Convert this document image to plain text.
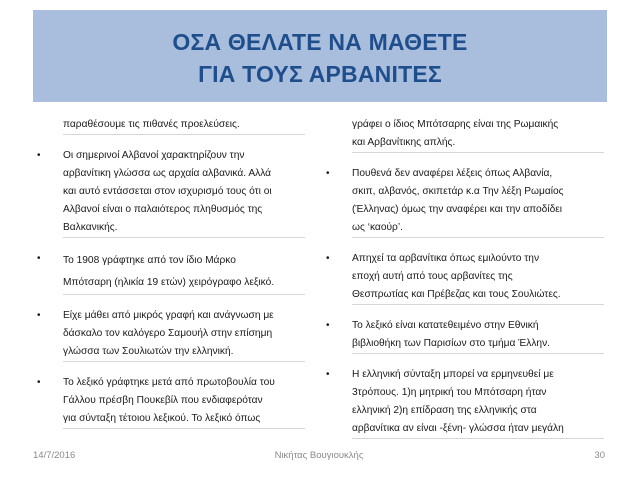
ΟΣΑ ΘΕΛΑΤΕ ΝΑ ΜΑΘΕΤΕ
ΓΙΑ ΤΟΥΣ ΑΡΒΑΝΙΤΕΣ
παραθέσουμε τις πιθανές προελεύσεις.
• Οι σημερινοί Αλβανοί χαρακτηρίζουν την
αρβανίτικη γλώσσα ως αρχαία αλβανικά. Αλλά
και αυτό εντάσσεται στον ισχυρισμό τους ότι οι
Αλβανοί είναι ο παλαιότερος πληθυσμός της
Βαλκανικής.
• Το 1908 γράφτηκε από τον ίδιο Μάρκο
Μπότσαρη (ηλικία 19 ετών) χειρόγραφο λεξικό.
• Είχε μάθει από μικρός γραφή και ανάγνωση με
δάσκαλο τον καλόγερο Σαμουήλ στην επίσημη
γλώσσα των Σουλιωτών την ελληνική.
• Το λεξικό γράφτηκε μετά από πρωτοβουλία του
Γάλλου πρέσβη Πουκεβίλ που ενδιαφερόταν
για σύνταξη τέτοιου λεξικού. Το λεξικό όπως
γράφει ο ίδιος Μπότσαρης είναι της Ρωμαικής
και Αρβανίτικης απλής.
• Πουθενά δεν αναφέρει λέξεις όπως Αλβανία,
σκιπ, αλβανός, σκιπετάρ κ.α Την λέξη Ρωμαίος
(Έλληνας) όμως την αναφέρει και την αποδίδει
ως ‘καούρ’.
• Απηχεί τα αρβανίτικα όπως εμιλούντο την
εποχή αυτή από τους αρβανίτες της
Θεσπρωτίας και Πρέβεζας και τους Σουλιώτες.
• Το λεξικό είναι κατατεθειμένο στην Εθνική
βιβλιοθήκη των Παρισίων στο τμήμα Έλλην.
• Η ελληνική σύνταξη μπορεί να ερμηνευθεί με
3τρόπους. 1)η μητρική του Μπότσαρη ήταν
ελληνική 2)η επίδραση της ελληνικής στα
αρβανίτικα αν είναι -ξένη- γλώσσα ήταν μεγάλη
14/7/2016	Νικήτας Βουγιουκλής	30
